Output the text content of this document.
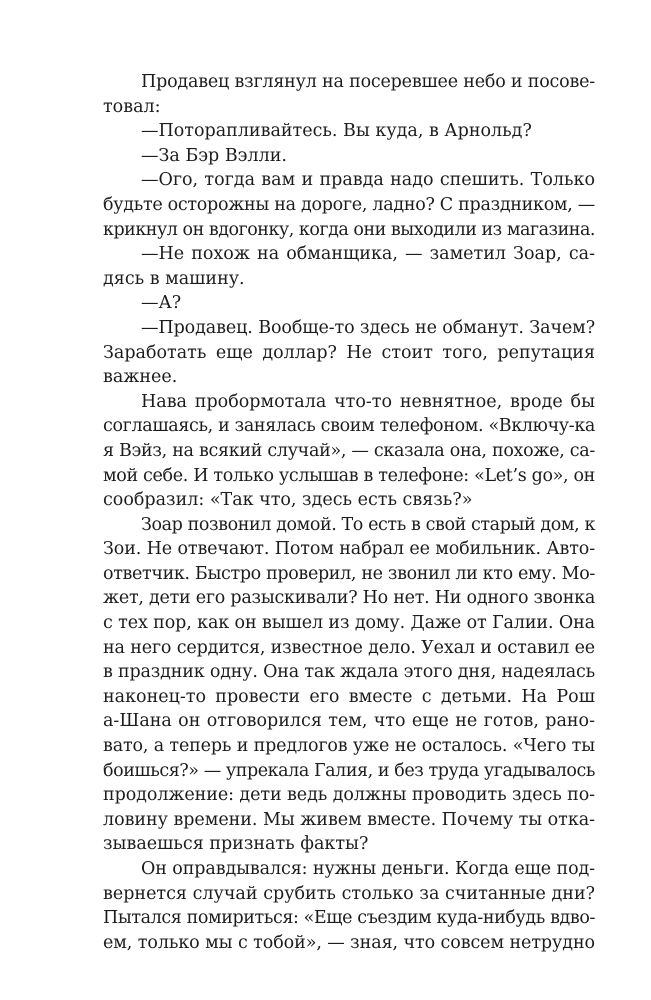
Продавец взглянул на посеревшее небо и посове-
товал:

—Поторапливайтесь. Вы куда, в Арнольд?

—За Бэр Вэлли.

—Ого, тогда вам и правда надо спешить. Только
будьте осторожны на дороге, ладно? С праздником, —
крикнул он вдогонку, когда они выходили из магазина.

—Не похож на обманщика, — заметил Зоар, са-
дясь в машину.

—А?

—Продавец. Вообще-то здесь не обманут. Зачем?
Заработать еще доллар? Не стоит того, репутация
важнее.

Нава пробормотала что-то невнятное, вроде бы
соглашаясь, и занялась своим телефоном. «Включу-ка
я Вэйз, на всякий случай», — сказала она, похоже, са-
мой себе. И только услышав в телефоне: «Let’s go», он
сообразил: «Так что, здесь есть связь?»

Зоар позвонил домой. То есть в свой старый дом, к
Зои. Не отвечают. Потом набрал ее мобильник. Авто-
ответчик. Быстро проверил, не звонил ли кто ему. Мо-
жет, дети его разыскивали? Но нет. Ни одного звонка
с тех пор, как он вышел из дому. Даже от Галии. Она
на него сердится, известное дело. Уехал и оставил ее
в праздник одну. Она так ждала этого дня, надеялась
наконец-то провести его вместе с детьми. На Рош
а-Шана он отговорился тем, что еще не готов, рано-
вато, а теперь и предлогов уже не осталось. «Чего ты
боишься?» — упрекала Галия, и без труда угадывалось
продолжение: дети ведь должны проводить здесь по-
ловину времени. Мы живем вместе. Почему ты отка-
зываешься признать факты?

Он оправдывался: нужны деньги. Когда еще под-
вернется случай срубить столько за считанные дни?
Пытался помириться: «Еще съездим куда-нибудь вдво-
ем, только мы с тобой», — зная, что совсем нетрудно
